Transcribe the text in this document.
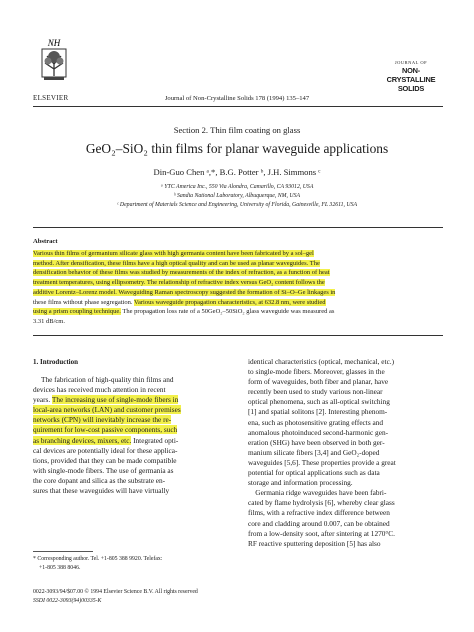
NH
ELSEVIER	Journal of Non-Crystalline Solids 178 (1994) 135–147
JOURNAL OF
NON-CRYSTALLINE SOLIDS
Section 2. Thin film coating on glass
GeO₂–SiO₂ thin films for planar waveguide applications
Din-Guo Chen ᵃ,*, B.G. Potter ᵇ, J.H. Simmons ᶜ
ᵃ YTC America Inc., 550 Via Alondra, Camarillo, CA 93012, USA
ᵇ Sandia National Laboratory, Albuquerque, NM, USA
ᶜ Department of Materials Science and Engineering, University of Florida, Gainesville, FL 32611, USA
Abstract
Various thin films of germanium silicate glass with high germania content have been fabricated by a sol–gel
method. After densification, these films have a high optical quality and can be used as planar waveguides. The
densification behavior of these films was studied by measurements of the index of refraction, as a function of heat
treatment temperatures, using ellipsometry. The relationship of refractive index versus GeO₂ content follows the
additive Lorentz–Lorenz model. Waveguiding Raman spectroscopy suggested the formation of Si–O–Ge linkages in
these films without phase segregation. Various waveguide propagation characteristics, at 632.8 nm, were studied
using a prism coupling technique. The propagation loss rate of a 50GeO₂–50SiO₂ glass waveguide was measured as
3.31 dB/cm.
1. Introduction
The fabrication of high-quality thin films and
devices has received much attention in recent
years. The increasing use of single-mode fibers in
local-area networks (LAN) and customer premises
networks (CPN) will inevitably increase the re-
quirement for low-cost passive components, such
as branching devices, mixers, etc. Integrated opti-
cal devices are potentially ideal for these applica-
tions, provided that they can be made compatible
with single-mode fibers. The use of germania as
the core dopant and silica as the substrate en-
sures that these waveguides will have virtually
identical characteristics (optical, mechanical, etc.)
to single-mode fibers. Moreover, glasses in the
form of waveguides, both fiber and planar, have
recently been used to study various non-linear
optical phenomena, such as all-optical switching
[1] and spatial solitons [2]. Interesting phenom-
ena, such as photosensitive grating effects and
anomalous photoinduced second-harmonic gen-
eration (SHG) have been observed in both ger-
manium silicate fibers [3,4] and GeO₂-doped
waveguides [5,6]. These properties provide a great
potential for optical applications such as data
storage and information processing.
Germania ridge waveguides have been fabri-
cated by flame hydrolysis [6], whereby clear glass
films, with a refractive index difference between
core and cladding around 0.007, can be obtained
from a low-density soot, after sintering at 1270°C.
RF reactive sputtering deposition [5] has also
* Corresponding author. Tel. +1-805 388 9920. Telefax:
+1-805 388 8046.
0022-3093/94/$07.00 © 1994 Elsevier Science B.V. All rights reserved
SSDI 0022-3093(94)00335-K
